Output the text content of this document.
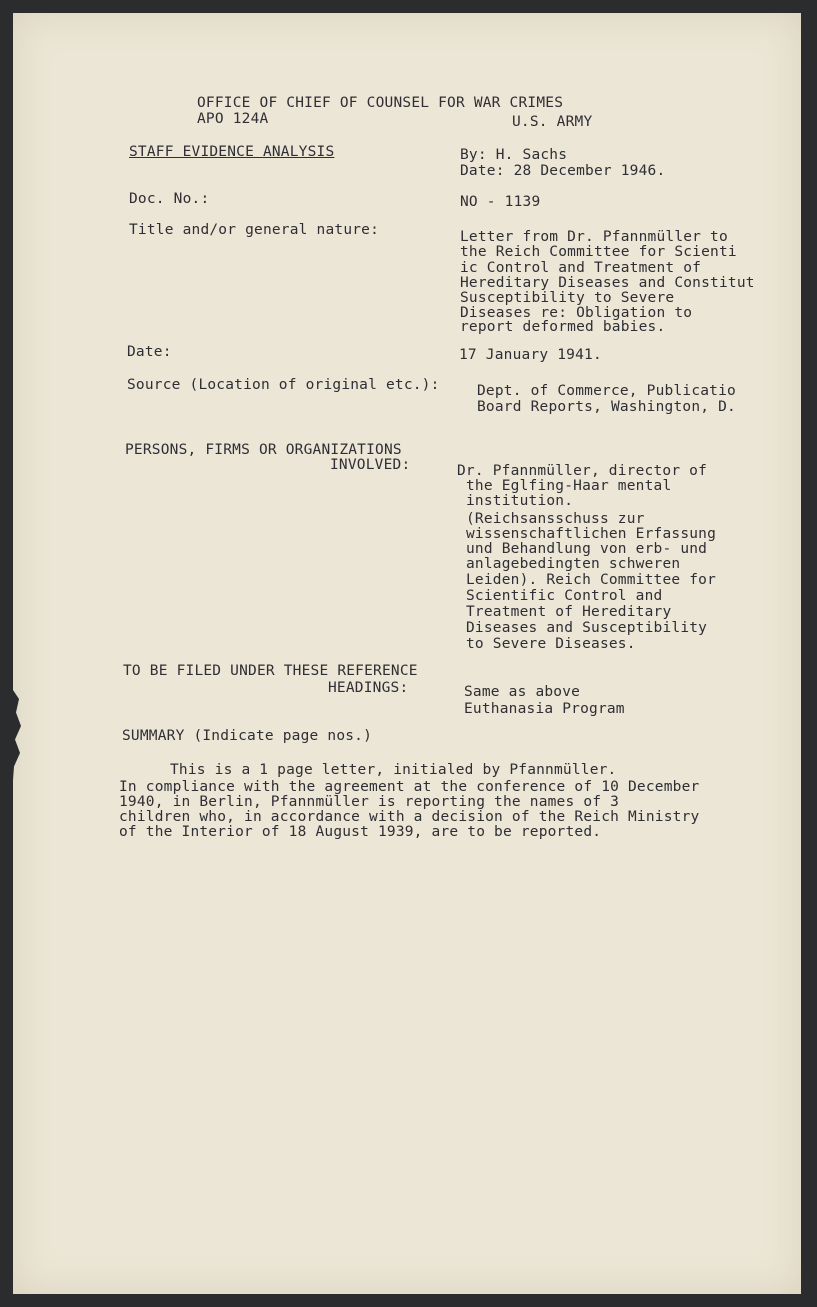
OFFICE OF CHIEF OF COUNSEL FOR WAR CRIMES
APO 124A	U.S. ARMY
STAFF EVIDENCE ANALYSIS	By: H. Sachs
Date: 28 December 1946.
Doc. No.:	NO - 1139
Title and/or general nature:	Letter from Dr. Pfannmüller to
the Reich Committee for Scienti
ic Control and Treatment of
Hereditary Diseases and Constitut
Susceptibility to Severe
Diseases re: Obligation to
report deformed babies.
Date:	17 January 1941.
Source (Location of original etc.):	Dept. of Commerce, Publicatio
Board Reports, Washington, D.
PERSONS, FIRMS OR ORGANIZATIONS
INVOLVED:	Dr. Pfannmüller, director of
the Eglfing-Haar mental
institution.
(Reichsansschuss zur
wissenschaftlichen Erfassung
und Behandlung von erb- und
anlagebedingten schweren
Leiden). Reich Committee for
Scientific Control and
Treatment of Hereditary
Diseases and Susceptibility
to Severe Diseases.
TO BE FILED UNDER THESE REFERENCE
HEADINGS:	Same as above
Euthanasia Program
SUMMARY (Indicate page nos.)
This is a 1 page letter, initialed by Pfannmüller.
In compliance with the agreement at the conference of 10 December
1940, in Berlin, Pfannmüller is reporting the names of 3
children who, in accordance with a decision of the Reich Ministry
of the Interior of 18 August 1939, are to be reported.
